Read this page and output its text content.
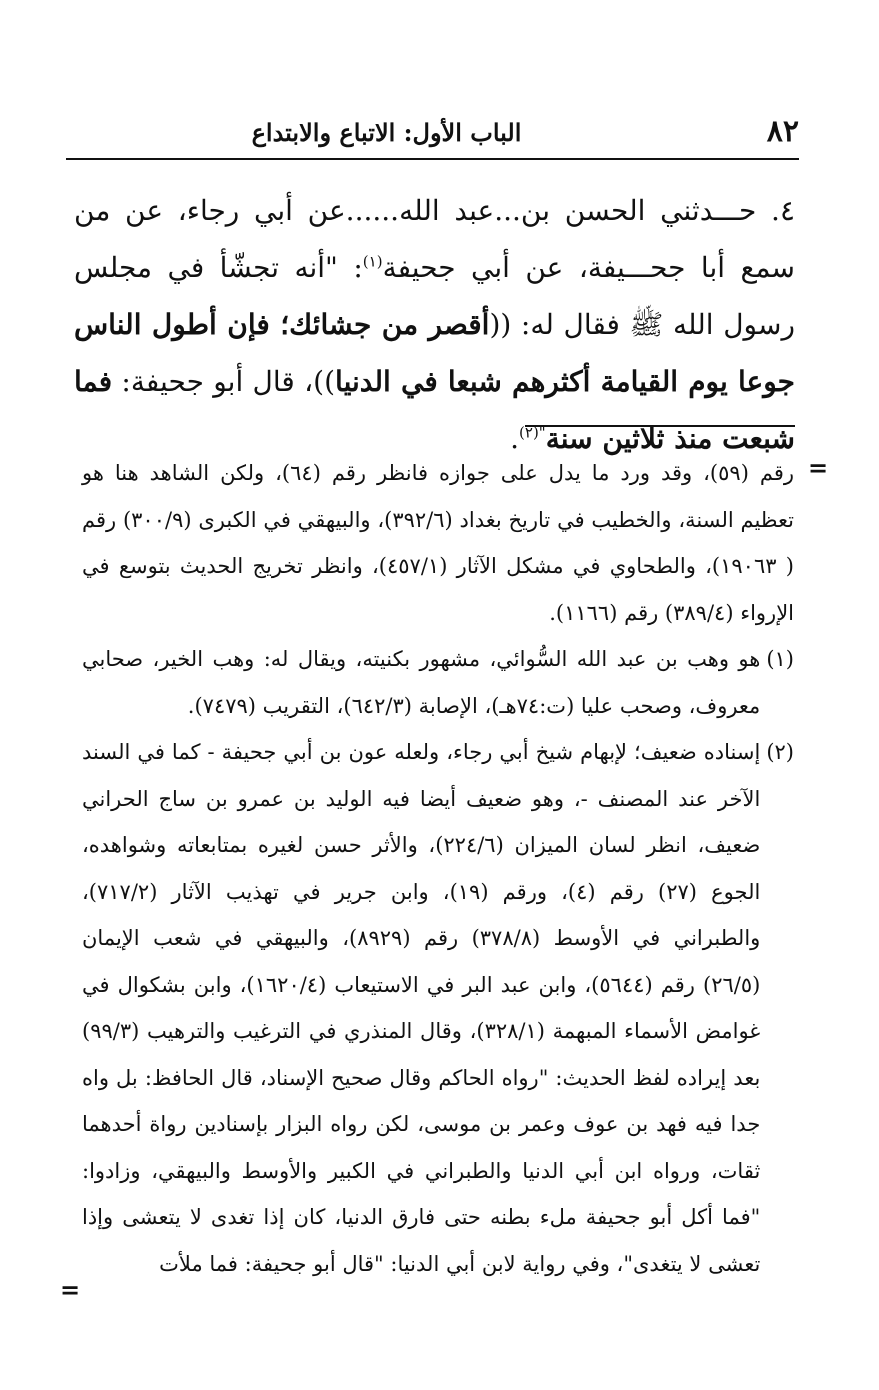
٨٢
الباب الأول: الاتباع والابتداع

٤. حـــدثني الحسن بن...عبد الله......عن أبي رجاء، عن من سمع أبا جحـــيفة، عن أبي جحيفة$^{(١)}$: "أنه تجشّأ في مجلس رسول الله ﷺ فقال له: ((أقصر من جشائك؛ فإن أطول الناس جوعا يوم القيامة أكثرهم شبعا في الدنيا))، قال أبو جحيفة: فما شبعت منذ ثلاثين سنة$^{"(٢)}$.

=

رقم (٥٩)، وقد ورد ما يدل على جوازه فانظر رقم (٦٤)، ولكن الشاهد هنا هو تعظيم السنة، والخطيب في تاريخ بغداد (٣٩٢/٦)، والبيهقي في الكبرى (٣٠٠/٩) رقم ( ١٩٠٦٣)، والطحاوي في مشكل الآثار (٤٥٧/١)، وانظر تخريج الحديث بتوسع في الإرواء (٣٨٩/٤) رقم (١١٦٦).

(١)
هو وهب بن عبد الله السُّوائي، مشهور بكنيته، ويقال له: وهب الخير، صحابي معروف، وصحب عليا (ت:٧٤هـ)، الإصابة (٦٤٢/٣)، التقريب (٧٤٧٩).
(٢)
إسناده ضعيف؛ لإبهام شيخ أبي رجاء، ولعله عون بن أبي جحيفة - كما في السند الآخر عند المصنف -، وهو ضعيف أيضا فيه الوليد بن عمرو بن ساج الحراني ضعيف، انظر لسان الميزان (٢٢٤/٦)، والأثر حسن لغيره بمتابعاته وشواهده، الجوع (٢٧) رقم (٤)، ورقم (١٩)، وابن جرير في تهذيب الآثار (٧١٧/٢)، والطبراني في الأوسط (٣٧٨/٨) رقم (٨٩٢٩)، والبيهقي في شعب الإيمان (٢٦/٥) رقم (٥٦٤٤)، وابن عبد البر في الاستيعاب (١٦٢٠/٤)، وابن بشكوال في غوامض الأسماء المبهمة (٣٢٨/١)، وقال المنذري في الترغيب والترهيب (٩٩/٣) بعد إيراده لفظ الحديث: "رواه الحاكم وقال صحيح الإسناد، قال الحافظ: بل واه جدا فيه فهد بن عوف وعمر بن موسى، لكن رواه البزار بإسنادين رواة أحدهما ثقات، ورواه ابن أبي الدنيا والطبراني في الكبير والأوسط والبيهقي، وزادوا: "فما أكل أبو جحيفة ملء بطنه حتى فارق الدنيا، كان إذا تغدى لا يتعشى وإذا تعشى لا يتغدى"، وفي رواية لابن أبي الدنيا: "قال أبو جحيفة: فما ملأت
=
